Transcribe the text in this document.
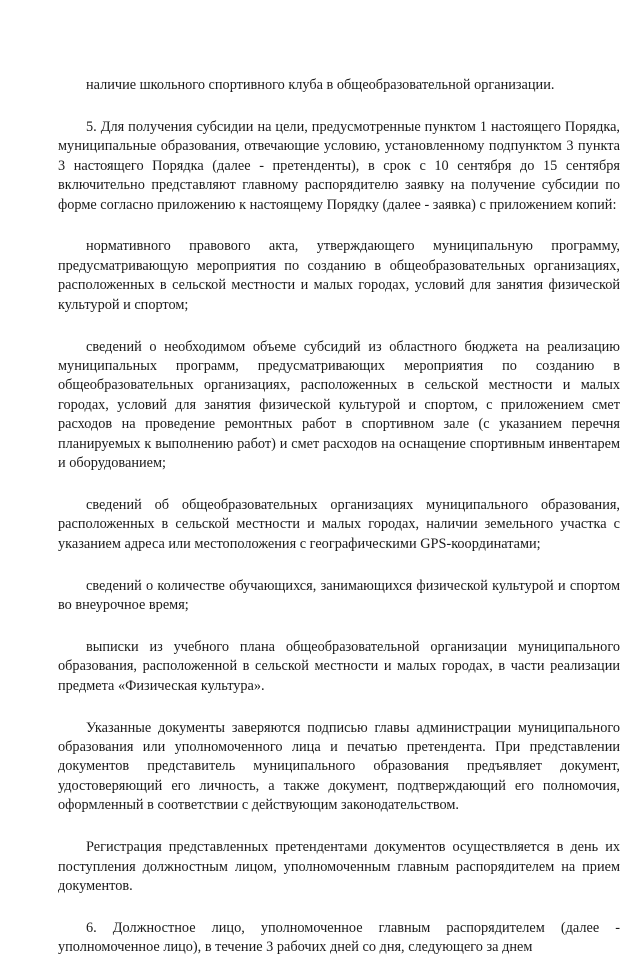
наличие школьного спортивного клуба в общеобразовательной организации.

5. Для получения субсидии на цели, предусмотренные пунктом 1 настоящего Порядка, муниципальные образования, отвечающие условию, установленному подпунктом 3 пункта 3 настоящего Порядка (далее - претенденты), в срок с 10 сентября до 15 сентября включительно представляют главному распорядителю заявку на получение субсидии по форме согласно приложению к настоящему Порядку (далее - заявка) с приложением копий:

нормативного правового акта, утверждающего муниципальную программу, предусматривающую мероприятия по созданию в общеобразовательных организациях, расположенных в сельской местности и малых городах, условий для занятия физической культурой и спортом;

сведений о необходимом объеме субсидий из областного бюджета на реализацию муниципальных программ, предусматривающих мероприятия по созданию в общеобразовательных организациях, расположенных в сельской местности и малых городах, условий для занятия физической культурой и спортом, с приложением смет расходов на проведение ремонтных работ в спортивном зале (с указанием перечня планируемых к выполнению работ) и смет расходов на оснащение спортивным инвентарем и оборудованием;

сведений об общеобразовательных организациях муниципального образования, расположенных в сельской местности и малых городах, наличии земельного участка с указанием адреса или местоположения с географическими GPS-координатами;

сведений о количестве обучающихся, занимающихся физической культурой и спортом во внеурочное время;

выписки из учебного плана общеобразовательной организации муниципального образования, расположенной в сельской местности и малых городах, в части реализации предмета «Физическая культура».

Указанные документы заверяются подписью главы администрации муниципального образования или уполномоченного лица и печатью претендента. При представлении документов представитель муниципального образования предъявляет документ, удостоверяющий его личность, а также документ, подтверждающий его полномочия, оформленный в соответствии с действующим законодательством.

Регистрация представленных претендентами документов осуществляется в день их поступления должностным лицом, уполномоченным главным распорядителем на прием документов.

6. Должностное лицо, уполномоченное главным распорядителем (далее - уполномоченное лицо), в течение 3 рабочих дней со дня, следующего за днем
